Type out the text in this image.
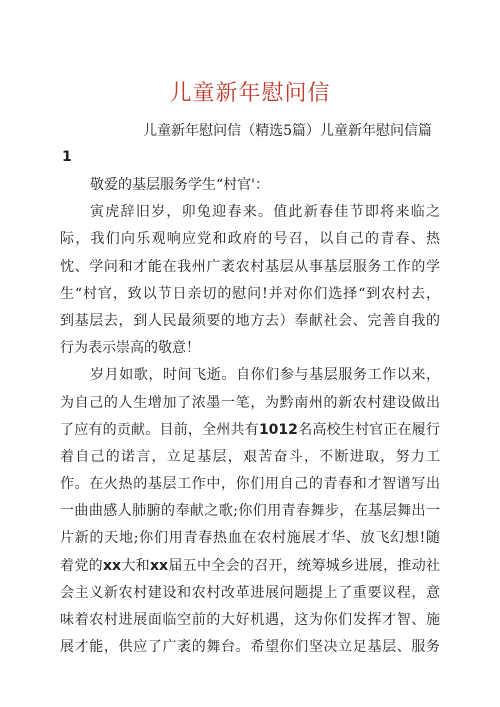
儿童新年慰问信
儿童新年慰问信（精选5篇）儿童新年慰问信篇
1
敬爱的基层服务学生“村官'：
寅虎辞旧岁，卯兔迎春来。值此新春佳节即将来临之
际，我们向乐观响应党和政府的号召，以自己的青春、热
忱、学问和才能在我州广袤农村基层从事基层服务工作的学
生“村官，致以节日亲切的慰问!并对你们选择“到农村去，
到基层去，到人民最须要的地方去）奉献社会、完善自我的
行为表示崇高的敬意！
岁月如歌，时间飞逝。自你们参与基层服务工作以来，
为自己的人生增加了浓墨一笔，为黔南州的新农村建设做出
了应有的贡献。目前，全州共有1012名高校生村官正在履行
着自己的诺言，立足基层，艰苦奋斗，不断进取，努力工
作。在火热的基层工作中，你们用自己的青春和才智谱写出
一曲曲感人肺腑的奉献之歌;你们用青春舞步，在基层舞出一
片新的天地;你们用青春热血在农村施展才华、放飞幻想!随
着党的xx大和xx届五中全会的召开，统筹城乡进展，推动社
会主义新农村建设和农村改革进展问题提上了重要议程，意
味着农村进展面临空前的大好机遇，这为你们发挥才智、施
展才能，供应了广袤的舞台。希望你们坚决立足基层、服务
